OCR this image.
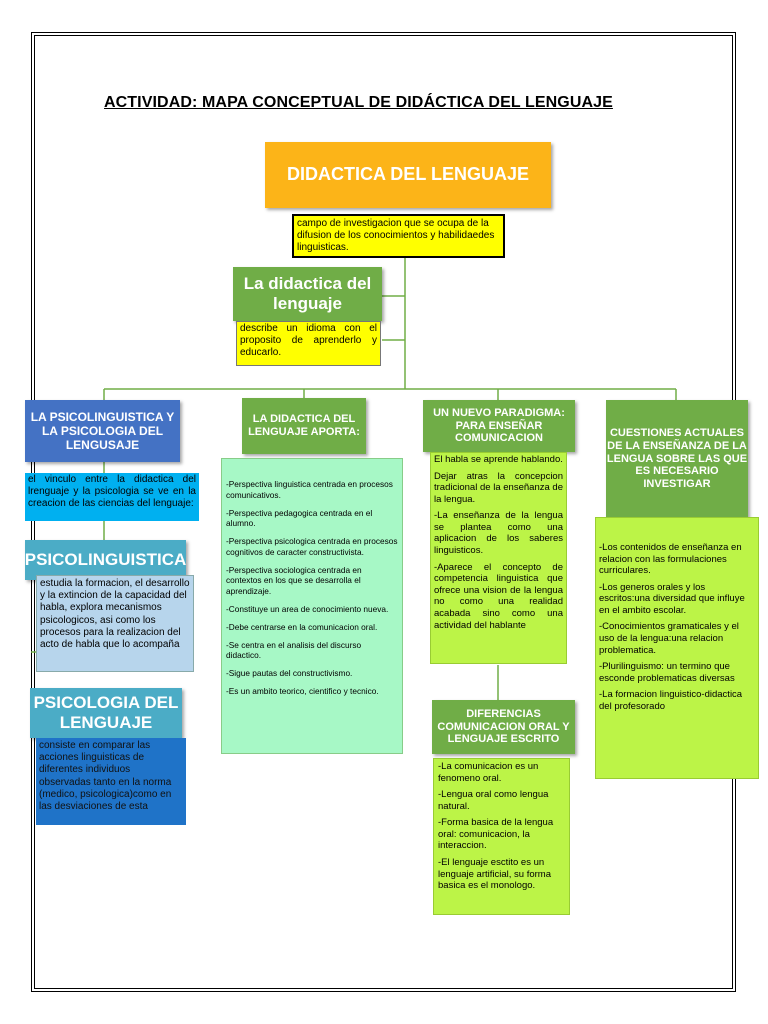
ACTIVIDAD: MAPA CONCEPTUAL DE DIDÁCTICA DEL LENGUAJE
DIDACTICA DEL LENGUAJE
campo de investigacion que se ocupa de la difusion de los conocimientos y habilidaedes linguisticas.
La didactica del lenguaje
describe un idioma con el proposito de aprenderlo y educarlo.
LA PSICOLINGUISTICA Y LA PSICOLOGIA DEL LENGUSAJE
el vinculo entre la didactica del lrenguaje y la psicologia se ve en la creacion de las ciencias del lenguaje:
PSICOLINGUISTICA
estudia la formacion, el desarrollo y la extincion de la capacidad del habla, explora mecanismos psicologicos, asi como los procesos para la realizacion del acto de habla que lo acompaña
PSICOLOGIA DEL LENGUAJE
consiste en comparar las acciones linguisticas de diferentes individuos observadas tanto en la norma (medico, psicologica)como en las desviaciones de esta
LA DIDACTICA DEL LENGUAJE APORTA:

-Perspectiva linguistica centrada en procesos comunicativos.

-Perspectiva pedagogica centrada en el alumno.

-Perspectiva psicologica centrada en procesos cognitivos de caracter constructivista.

-Perspectiva sociologica centrada en contextos en los que se desarrolla el aprendizaje.

-Constituye un area de conocimiento nueva.

-Debe centrarse en la comunicacion oral.

-Se centra en el analisis del discurso didactico.

-Sigue pautas del constructivismo.

-Es un ambito teorico, cientifico y tecnico.

UN NUEVO PARADIGMA: PARA ENSEÑAR COMUNICACION

El habla se aprende hablando.

Dejar atras la concepcion tradicional de la enseñanza de la lengua.

-La enseñanza de la lengua se plantea como una aplicacion de los saberes linguisticos.

-Aparece el concepto de competencia linguistica que ofrece una vision de la lengua no como una realidad acabada sino como una actividad del hablante

DIFERENCIAS COMUNICACION ORAL Y LENGUAJE ESCRITO

-La comunicacion es un fenomeno oral.

-Lengua oral como lengua natural.

-Forma basica de la lengua oral: comunicacion, la interaccion.

-El lenguaje esctito es un lenguaje artificial, su forma basica es el monologo.

CUESTIONES ACTUALES DE LA ENSEÑANZA DE LA LENGUA SOBRE LAS QUE ES NECESARIO INVESTIGAR

-Los contenidos de enseñanza en relacion con las formulaciones curriculares.

-Los generos orales y los escritos:una diversidad que influye en el ambito escolar.

-Conocimientos gramaticales y el uso de la lengua:una relacion problematica.

-Plurilinguismo: un termino que esconde problematicas diversas

-La formacion linguistico-didactica del profesorado
